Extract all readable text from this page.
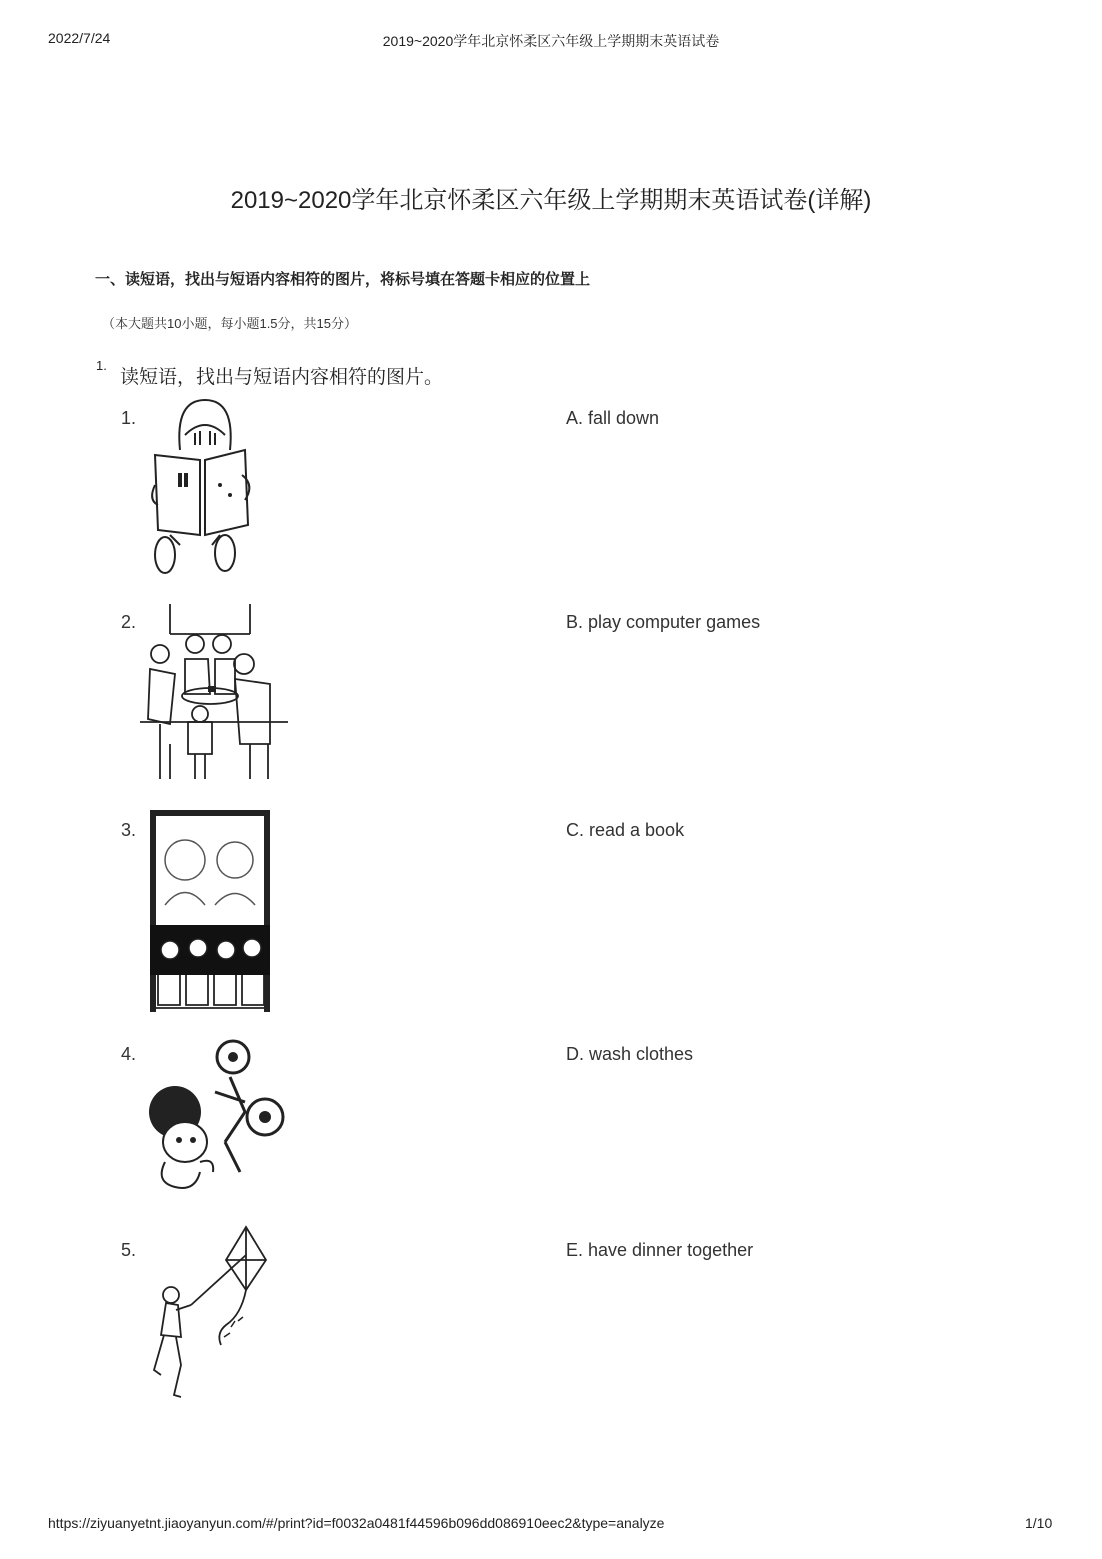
2022/7/24	2019~2020学年北京怀柔区六年级上学期期末英语试卷
2019~2020学年北京怀柔区六年级上学期期末英语试卷(详解)
一、读短语，找出与短语内容相符的图片，将标号填在答题卡相应的位置上
（本大题共10小题，每小题1.5分，共15分）
1.
读短语，找出与短语内容相符的图片。
1.	A. fall down
2.	B. play computer games
3.	C. read a book
4.	D. wash clothes
5.	E. have dinner together
https://ziyuanyetnt.jiaoyanyun.com/#/print?id=f0032a0481f44596b096dd086910eec2&type=analyze	1/10
